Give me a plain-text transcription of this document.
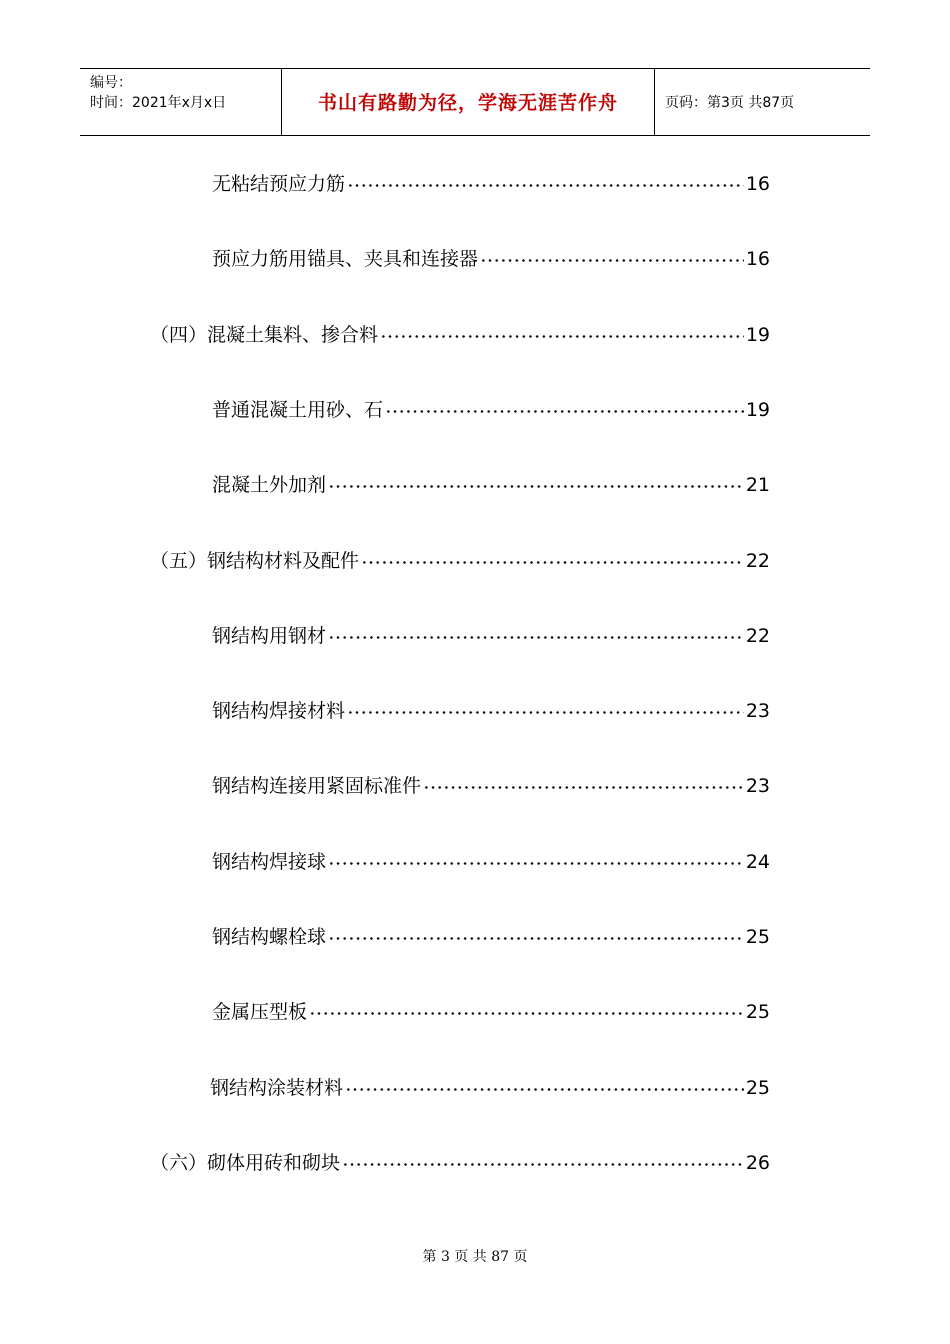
编号：
时间：2021年x月x日	书山有路勤为径，学海无涯苦作舟	页码：第3页 共87页
无粘结预应力筋	16
预应力筋用锚具、夹具和连接器	16
（四）混凝土集料、掺合料	19
普通混凝土用砂、石	19
混凝土外加剂	21
（五）钢结构材料及配件	22
钢结构用钢材	22
钢结构焊接材料	23
钢结构连接用紧固标准件	23
钢结构焊接球	24
钢结构螺栓球	25
金属压型板	25
钢结构涂装材料	25
（六）砌体用砖和砌块	26
第 3 页 共 87 页
